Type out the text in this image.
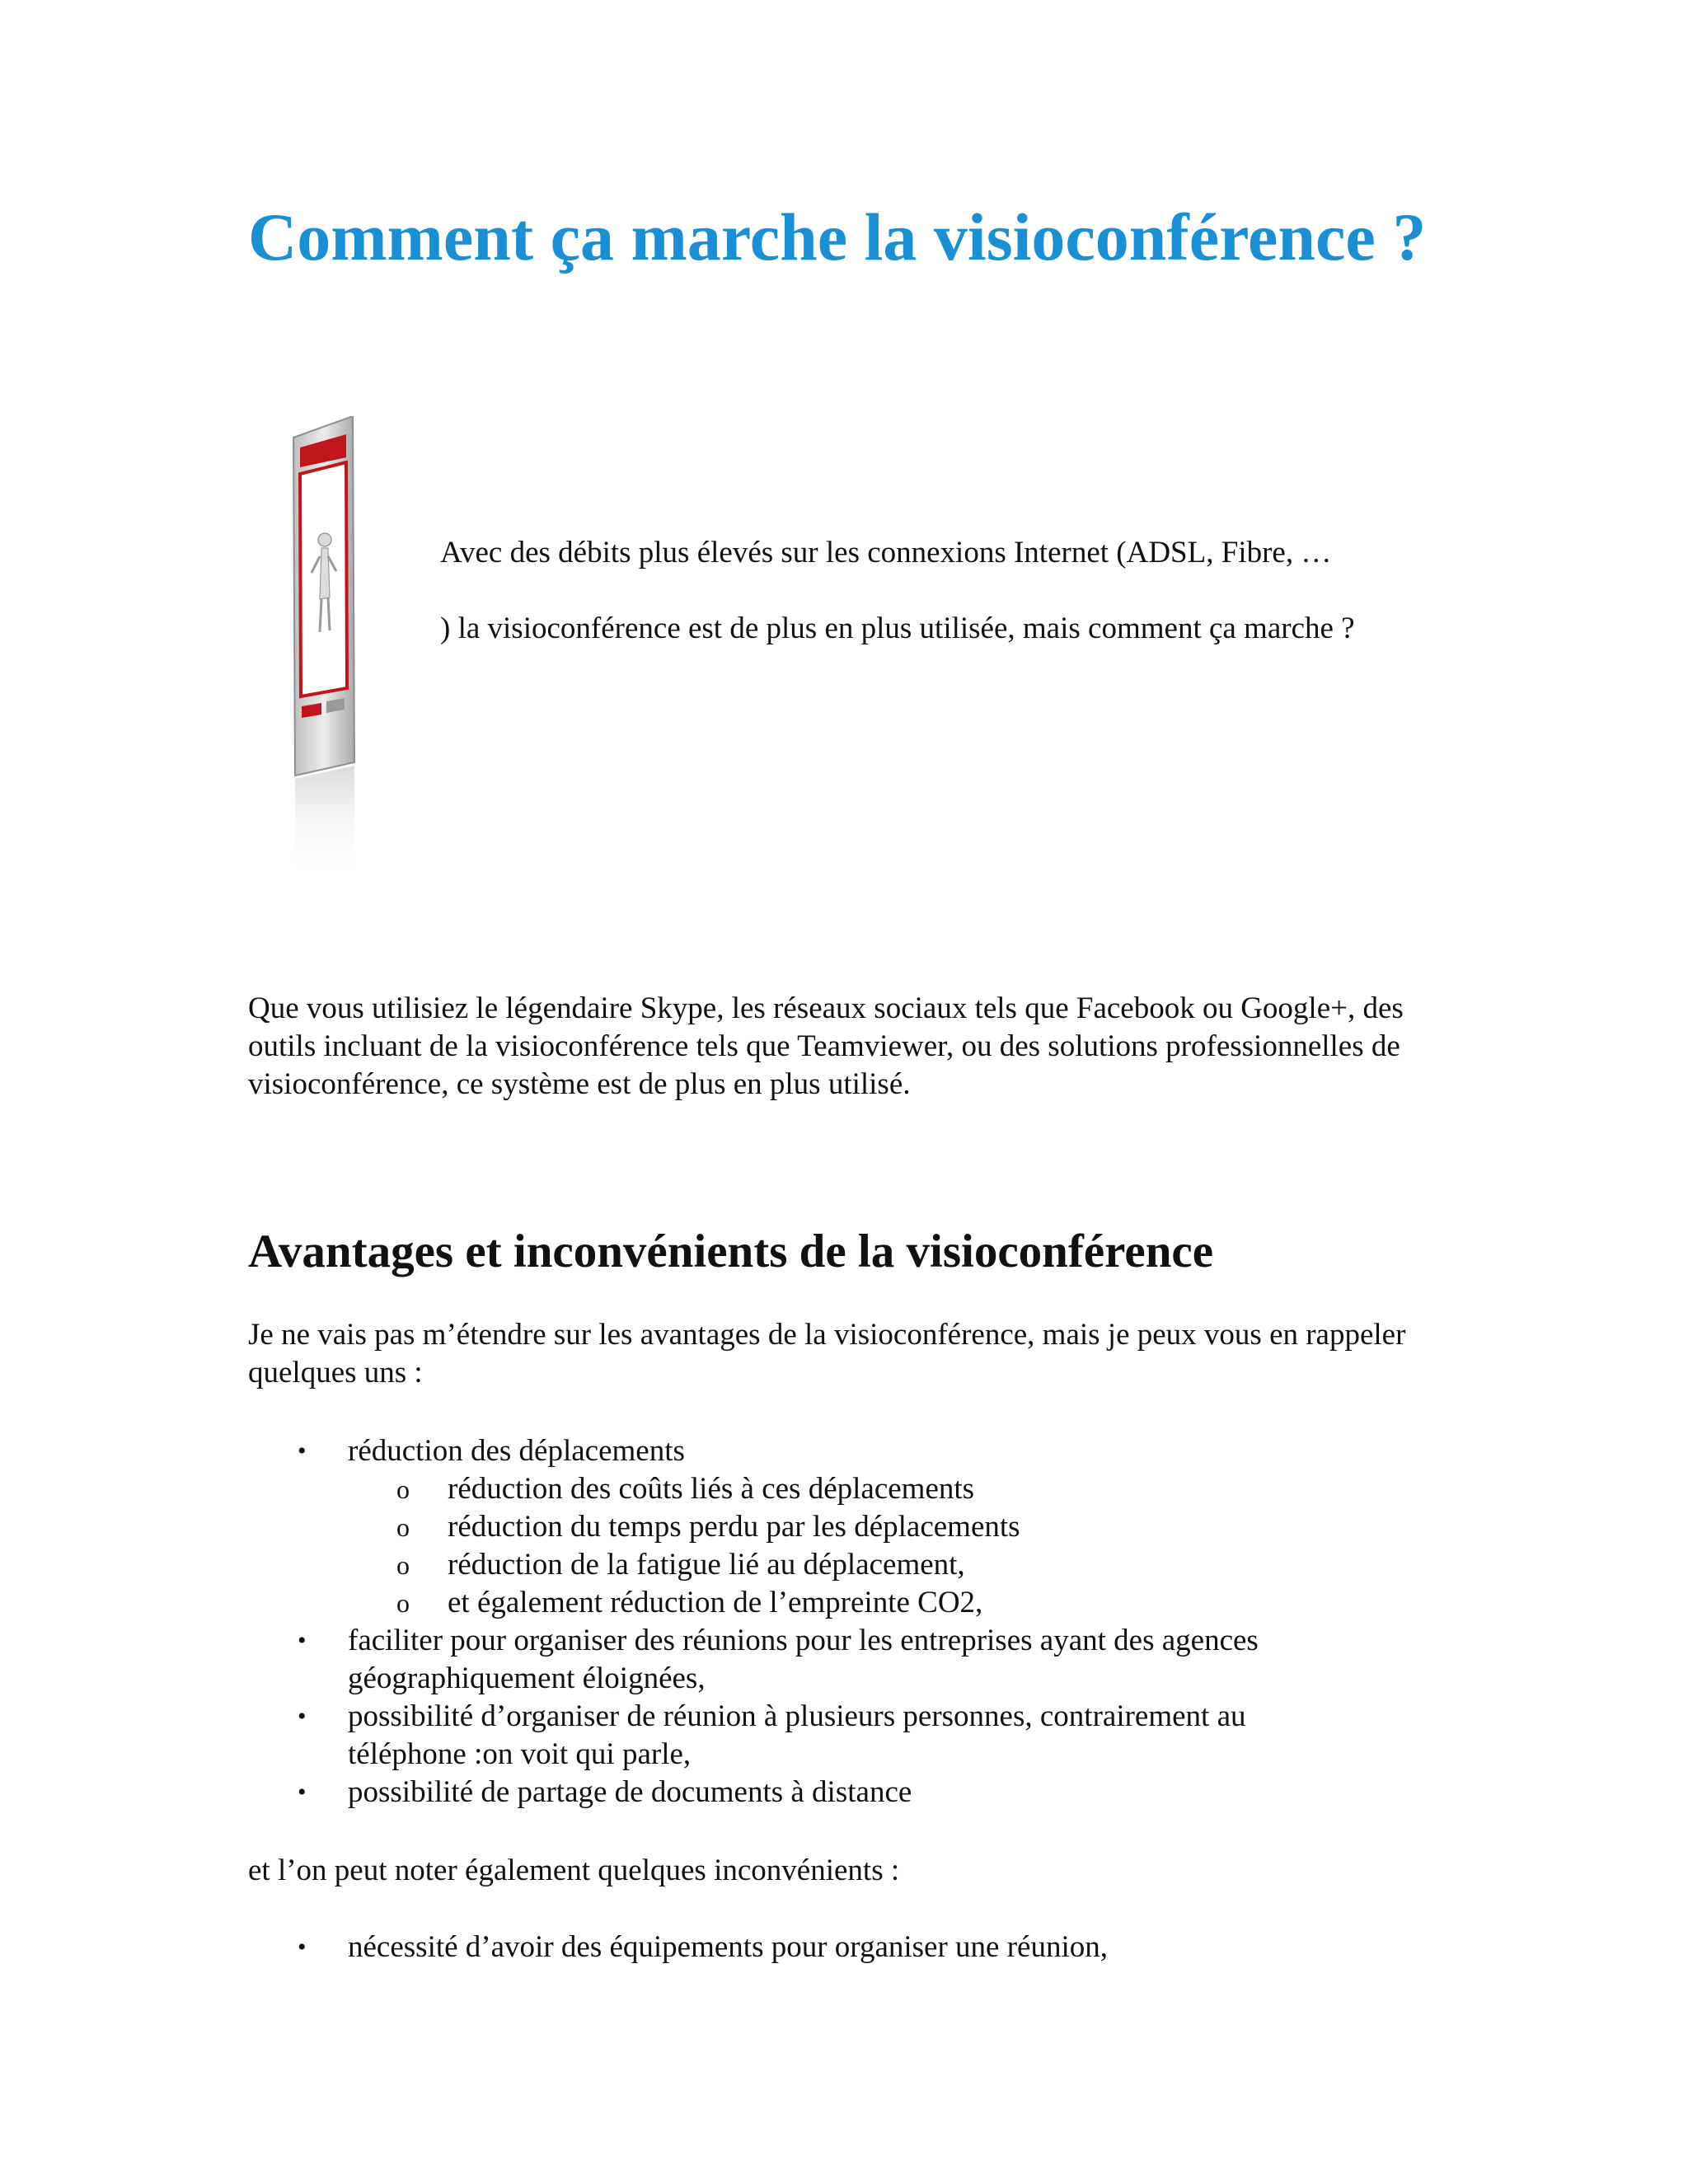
Comment ça marche la visioconférence ?
Avec des débits plus élevés sur les connexions Internet (ADSL, Fibre, …
) la visioconférence est de plus en plus utilisée, mais comment ça marche ?

Que vous utilisiez le légendaire Skype, les réseaux sociaux tels que Facebook ou Google+, des outils incluant de la visioconférence tels que Teamviewer, ou des solutions professionnelles de visioconférence, ce système est de plus en plus utilisé.

Avantages et inconvénients de la visioconférence

Je ne vais pas m’étendre sur les avantages de la visioconférence, mais je peux vous en rappeler quelques uns :

• réduction des déplacements
o réduction des coûts liés à ces déplacements
o réduction du temps perdu par les déplacements
o réduction de la fatigue lié au déplacement,
o et également réduction de l’empreinte CO2,
• faciliter pour organiser des réunions pour les entreprises ayant des agences géographiquement éloignées,
• possibilité d’organiser de réunion à plusieurs personnes, contrairement au téléphone :on voit qui parle,
• possibilité de partage de documents à distance

et l’on peut noter également quelques inconvénients :

• nécessité d’avoir des équipements pour organiser une réunion,
